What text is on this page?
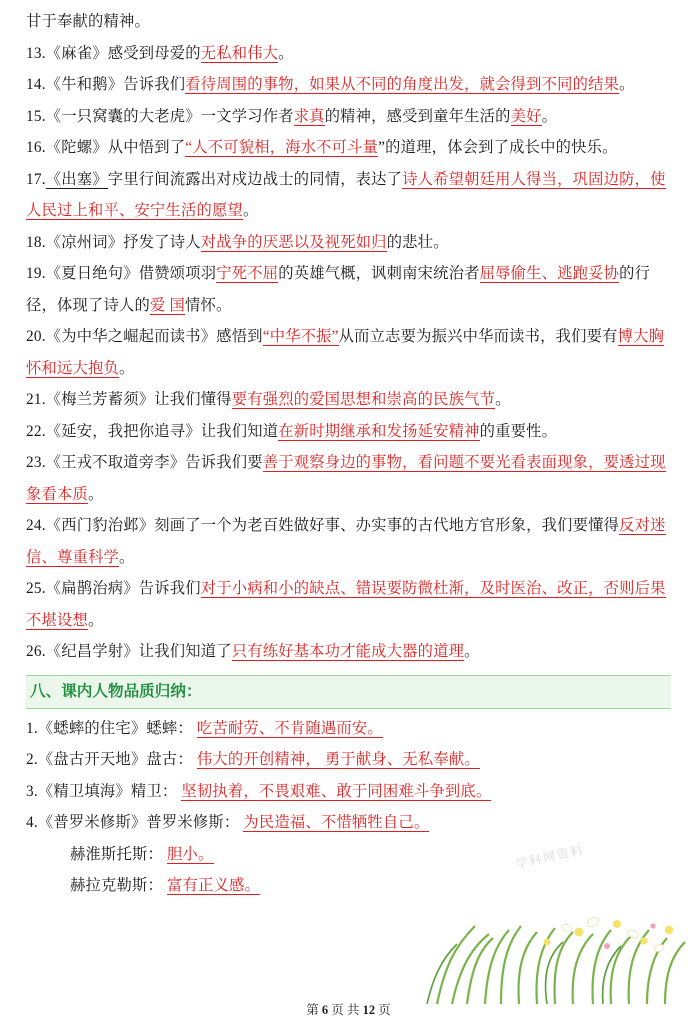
甘于奉献的精神。
13.《麻雀》感受到母爱的无私和伟大。
14.《牛和鹅》告诉我们看待周围的事物，如果从不同的角度出发，就会得到不同的结果。
15.《一只窝囊的大老虎》一文学习作者求真的精神，感受到童年生活的美好。
16.《陀螺》从中悟到了“人不可貌相，海水不可斗量”的道理，体会到了成长中的快乐。
17.《出塞》字里行间流露出对戍边战士的同情，表达了诗人希望朝廷用人得当，巩固边防，使人民过上和平、安宁生活的愿望。
18.《凉州词》抒发了诗人对战争的厌恶以及视死如归的悲壮。
19.《夏日绝句》借赞颂项羽宁死不屈的英雄气概，讽刺南宋统治者屈辱偷生、逃跑妥协的行径，体现了诗人的爱 国情怀。
20.《为中华之崛起而读书》感悟到“中华不振”从而立志要为振兴中华而读书，我们要有博大胸怀和远大抱负。
21.《梅兰芳蓄须》让我们懂得要有强烈的爱国思想和崇高的民族气节。
22.《延安，我把你追寻》让我们知道在新时期继承和发扬延安精神的重要性。
23.《王戎不取道旁李》告诉我们要善于观察身边的事物，看问题不要光看表面现象，要透过现象看本质。
24.《西门豹治邺》刻画了一个为老百姓做好事、办实事的古代地方官形象，我们要懂得反对迷信、尊重科学。
25.《扁鹊治病》告诉我们对于小病和小的缺点、错误要防微杜渐，及时医治、改正，否则后果不堪设想。
26.《纪昌学射》让我们知道了只有练好基本功才能成大器的道理。
八、课内人物品质归纳：
1.《蟋蟀的住宅》蟋蟀： 吃苦耐劳、不肯随遇而安。
2.《盘古开天地》盘古： 伟大的开创精神， 勇于献身、无私奉献。
3.《精卫填海》精卫： 坚韧执着，不畏艰难、敢于同困难斗争到底。
4.《普罗米修斯》普罗米修斯： 为民造福、不惜牺牲自己。
赫淮斯托斯： 胆小。
赫拉克勒斯： 富有正义感。
学科网资料
第 6 页 共 12 页
